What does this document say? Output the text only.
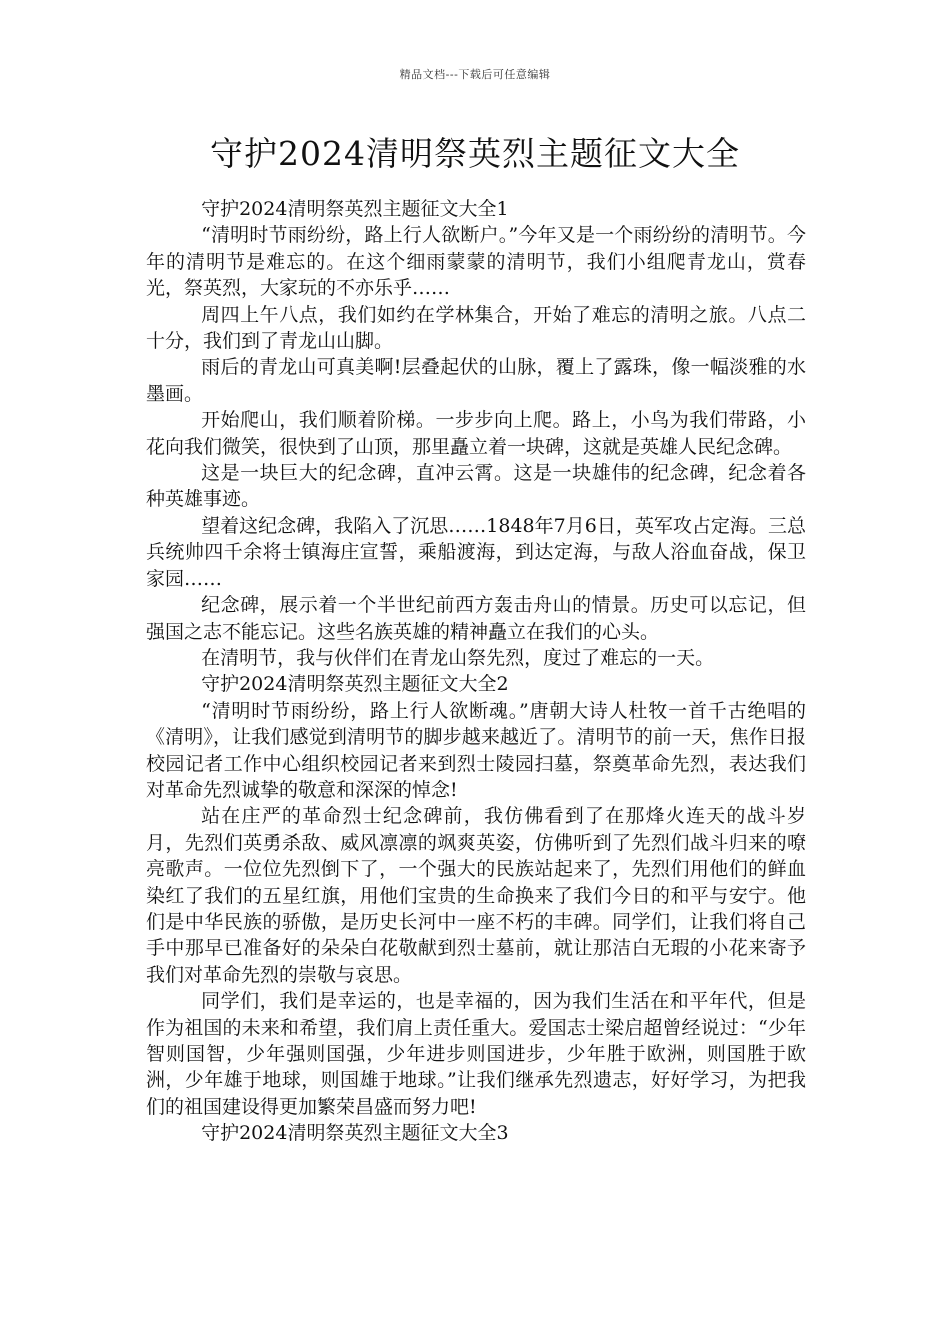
精品文档---下载后可任意编辑
守护2024清明祭英烈主题征文大全

守护2024清明祭英烈主题征文大全1

“清明时节雨纷纷，路上行人欲断户。”今年又是一个雨纷纷的清明节。今年的清明节是难忘的。在这个细雨蒙蒙的清明节，我们小组爬青龙山，赏春光，祭英烈，大家玩的不亦乐乎……

周四上午八点，我们如约在学林集合，开始了难忘的清明之旅。八点二十分，我们到了青龙山山脚。

雨后的青龙山可真美啊!层叠起伏的山脉，覆上了露珠，像一幅淡雅的水墨画。

开始爬山，我们顺着阶梯。一步步向上爬。路上，小鸟为我们带路，小花向我们微笑，很快到了山顶，那里矗立着一块碑，这就是英雄人民纪念碑。

这是一块巨大的纪念碑，直冲云霄。这是一块雄伟的纪念碑，纪念着各种英雄事迹。

望着这纪念碑，我陷入了沉思……1848年7月6日，英军攻占定海。三总兵统帅四千余将士镇海庄宣誓，乘船渡海，到达定海，与敌人浴血奋战，保卫家园……

纪念碑，展示着一个半世纪前西方轰击舟山的情景。历史可以忘记，但强国之志不能忘记。这些名族英雄的精神矗立在我们的心头。

在清明节，我与伙伴们在青龙山祭先烈，度过了难忘的一天。

守护2024清明祭英烈主题征文大全2

“清明时节雨纷纷，路上行人欲断魂。”唐朝大诗人杜牧一首千古绝唱的《清明》，让我们感觉到清明节的脚步越来越近了。清明节的前一天，焦作日报校园记者工作中心组织校园记者来到烈士陵园扫墓，祭奠革命先烈，表达我们对革命先烈诚挚的敬意和深深的悼念!

站在庄严的革命烈士纪念碑前，我仿佛看到了在那烽火连天的战斗岁月，先烈们英勇杀敌、威风凛凛的飒爽英姿，仿佛听到了先烈们战斗归来的嘹亮歌声。一位位先烈倒下了，一个强大的民族站起来了，先烈们用他们的鲜血染红了我们的五星红旗，用他们宝贵的生命换来了我们今日的和平与安宁。他们是中华民族的骄傲，是历史长河中一座不朽的丰碑。同学们，让我们将自己手中那早已准备好的朵朵白花敬献到烈士墓前，就让那洁白无瑕的小花来寄予我们对革命先烈的崇敬与哀思。

同学们，我们是幸运的，也是幸福的，因为我们生活在和平年代，但是作为祖国的未来和希望，我们肩上责任重大。爱国志士梁启超曾经说过：“少年智则国智，少年强则国强，少年进步则国进步，少年胜于欧洲，则国胜于欧洲，少年雄于地球，则国雄于地球。”让我们继承先烈遗志，好好学习，为把我们的祖国建设得更加繁荣昌盛而努力吧!

守护2024清明祭英烈主题征文大全3
